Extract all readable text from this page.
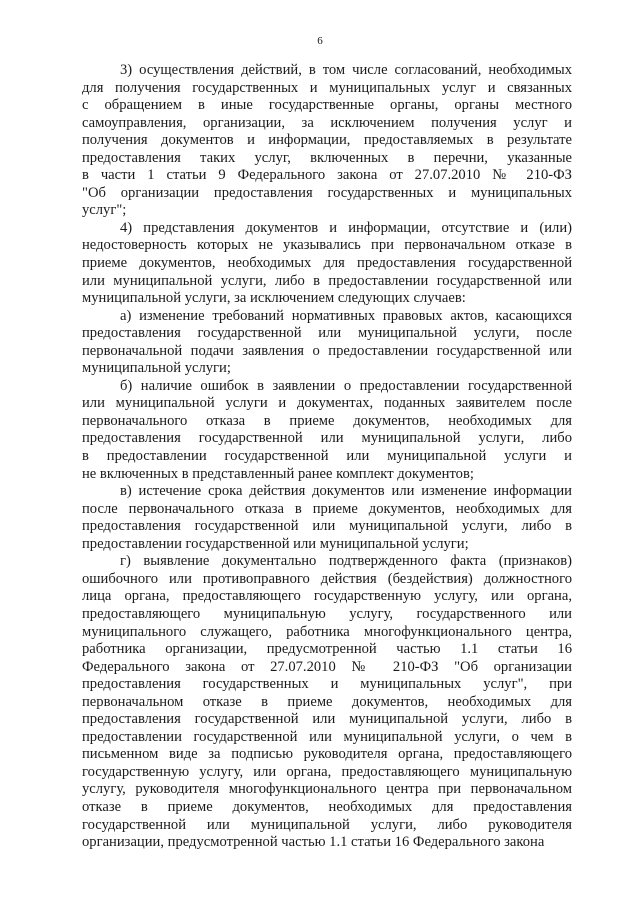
6

3) осуществления действий, в том числе согласований, необходимых
для получения государственных и муниципальных услуг и связанных
с обращением в иные государственные органы, органы местного
самоуправления, организации, за исключением получения услуг и
получения документов и информации, предоставляемых в результате
предоставления таких услуг, включенных в перечни, указанные
в части 1 статьи 9 Федерального закона от 27.07.2010 № 210-ФЗ
"Об организации предоставления государственных и муниципальных
услуг";

4) представления документов и информации, отсутствие и (или)
недостоверность которых не указывались при первоначальном отказе в
приеме документов, необходимых для предоставления государственной
или муниципальной услуги, либо в предоставлении государственной или
муниципальной услуги, за исключением следующих случаев:

а) изменение требований нормативных правовых актов, касающихся
предоставления государственной или муниципальной услуги, после
первоначальной подачи заявления о предоставлении государственной или
муниципальной услуги;

б) наличие ошибок в заявлении о предоставлении государственной
или муниципальной услуги и документах, поданных заявителем после
первоначального отказа в приеме документов, необходимых для
предоставления государственной или муниципальной услуги, либо
в предоставлении государственной или муниципальной услуги и
не включенных в представленный ранее комплект документов;

в) истечение срока действия документов или изменение информации
после первоначального отказа в приеме документов, необходимых для
предоставления государственной или муниципальной услуги, либо в
предоставлении государственной или муниципальной услуги;

г) выявление документально подтвержденного факта (признаков)
ошибочного или противоправного действия (бездействия) должностного
лица органа, предоставляющего государственную услугу, или органа,
предоставляющего муниципальную услугу, государственного или
муниципального служащего, работника многофункционального центра,
работника организации, предусмотренной частью 1.1 статьи 16
Федерального закона от 27.07.2010 № 210-ФЗ "Об организации
предоставления государственных и муниципальных услуг", при
первоначальном отказе в приеме документов, необходимых для
предоставления государственной или муниципальной услуги, либо в
предоставлении государственной или муниципальной услуги, о чем в
письменном виде за подписью руководителя органа, предоставляющего
государственную услугу, или органа, предоставляющего муниципальную
услугу, руководителя многофункционального центра при первоначальном
отказе в приеме документов, необходимых для предоставления
государственной или муниципальной услуги, либо руководителя
организации, предусмотренной частью 1.1 статьи 16 Федерального закона
